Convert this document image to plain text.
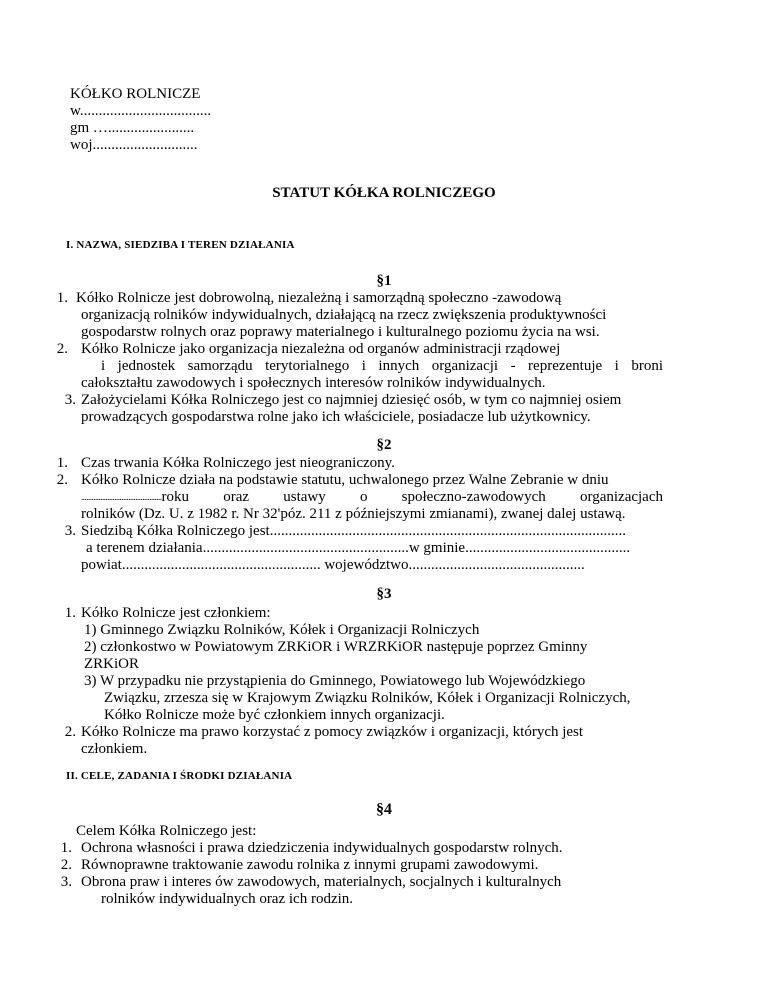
KÓŁKO ROLNICZE
w...................................
gm ….......................
woj............................
STATUT KÓŁKA ROLNICZEGO
I. NAZWA, SIEDZIBA I TEREN DZIAŁANIA
§1
1. Kółko Rolnicze jest dobrowolną, niezależną i samorządną społeczno -zawodową
organizacją rolników indywidualnych, działającą na rzecz zwiększenia produktywności
gospodarstw rolnych oraz poprawy materialnego i kulturalnego poziomu życia na wsi.
2. Kółko Rolnicze jako organizacja niezależna od organów administracji rządowej
i jednostek samorządu terytorialnego i innych organizacji - reprezentuje i broni
całokształtu zawodowych i społecznych interesów rolników indywidualnych.
3. Założycielami Kółka Rolniczego jest co najmniej dziesięć osób, w tym co najmniej osiem
prowadzących gospodarstwa rolne jako ich właściciele, posiadacze lub użytkownicy.
§2
1. Czas trwania Kółka Rolniczego jest nieograniczony.
2. Kółko Rolnicze działa na podstawie statutu, uchwalonego przez Walne Zebranie w dniu
.............................................. roku oraz ustawy o społeczno-zawodowych organizacjach
rolników (Dz. U. z 1982 r. Nr 32'póz. 211 z późniejszymi zmianami), zwanej dalej ustawą.
3. Siedzibą Kółka Rolniczego jest...............................................................................................
a terenem działania.......................................................w gminie............................................
powiat..................................................... województwo...............................................
§3
1. Kółko Rolnicze jest członkiem:
1) Gminnego Związku Rolników, Kółek i Organizacji Rolniczych
2) członkostwo w Powiatowym ZRKiOR i WRZRKiOR następuje poprzez Gminny
ZRKiOR
3) W przypadku nie przystąpienia do Gminnego, Powiatowego lub Wojewódzkiego
Związku, zrzesza się w Krajowym Związku Rolników, Kółek i Organizacji Rolniczych,
Kółko Rolnicze może być członkiem innych organizacji.
2. Kółko Rolnicze ma prawo korzystać z pomocy związków i organizacji, których jest
członkiem.
II. CELE, ZADANIA I ŚRODKI DZIAŁANIA
§4
Celem Kółka Rolniczego jest:
1. Ochrona własności i prawa dziedziczenia indywidualnych gospodarstw rolnych.
2. Równoprawne traktowanie zawodu rolnika z innymi grupami zawodowymi.
3. Obrona praw i interes ów zawodowych, materialnych, socjalnych i kulturalnych
rolników indywidualnych oraz ich rodzin.
